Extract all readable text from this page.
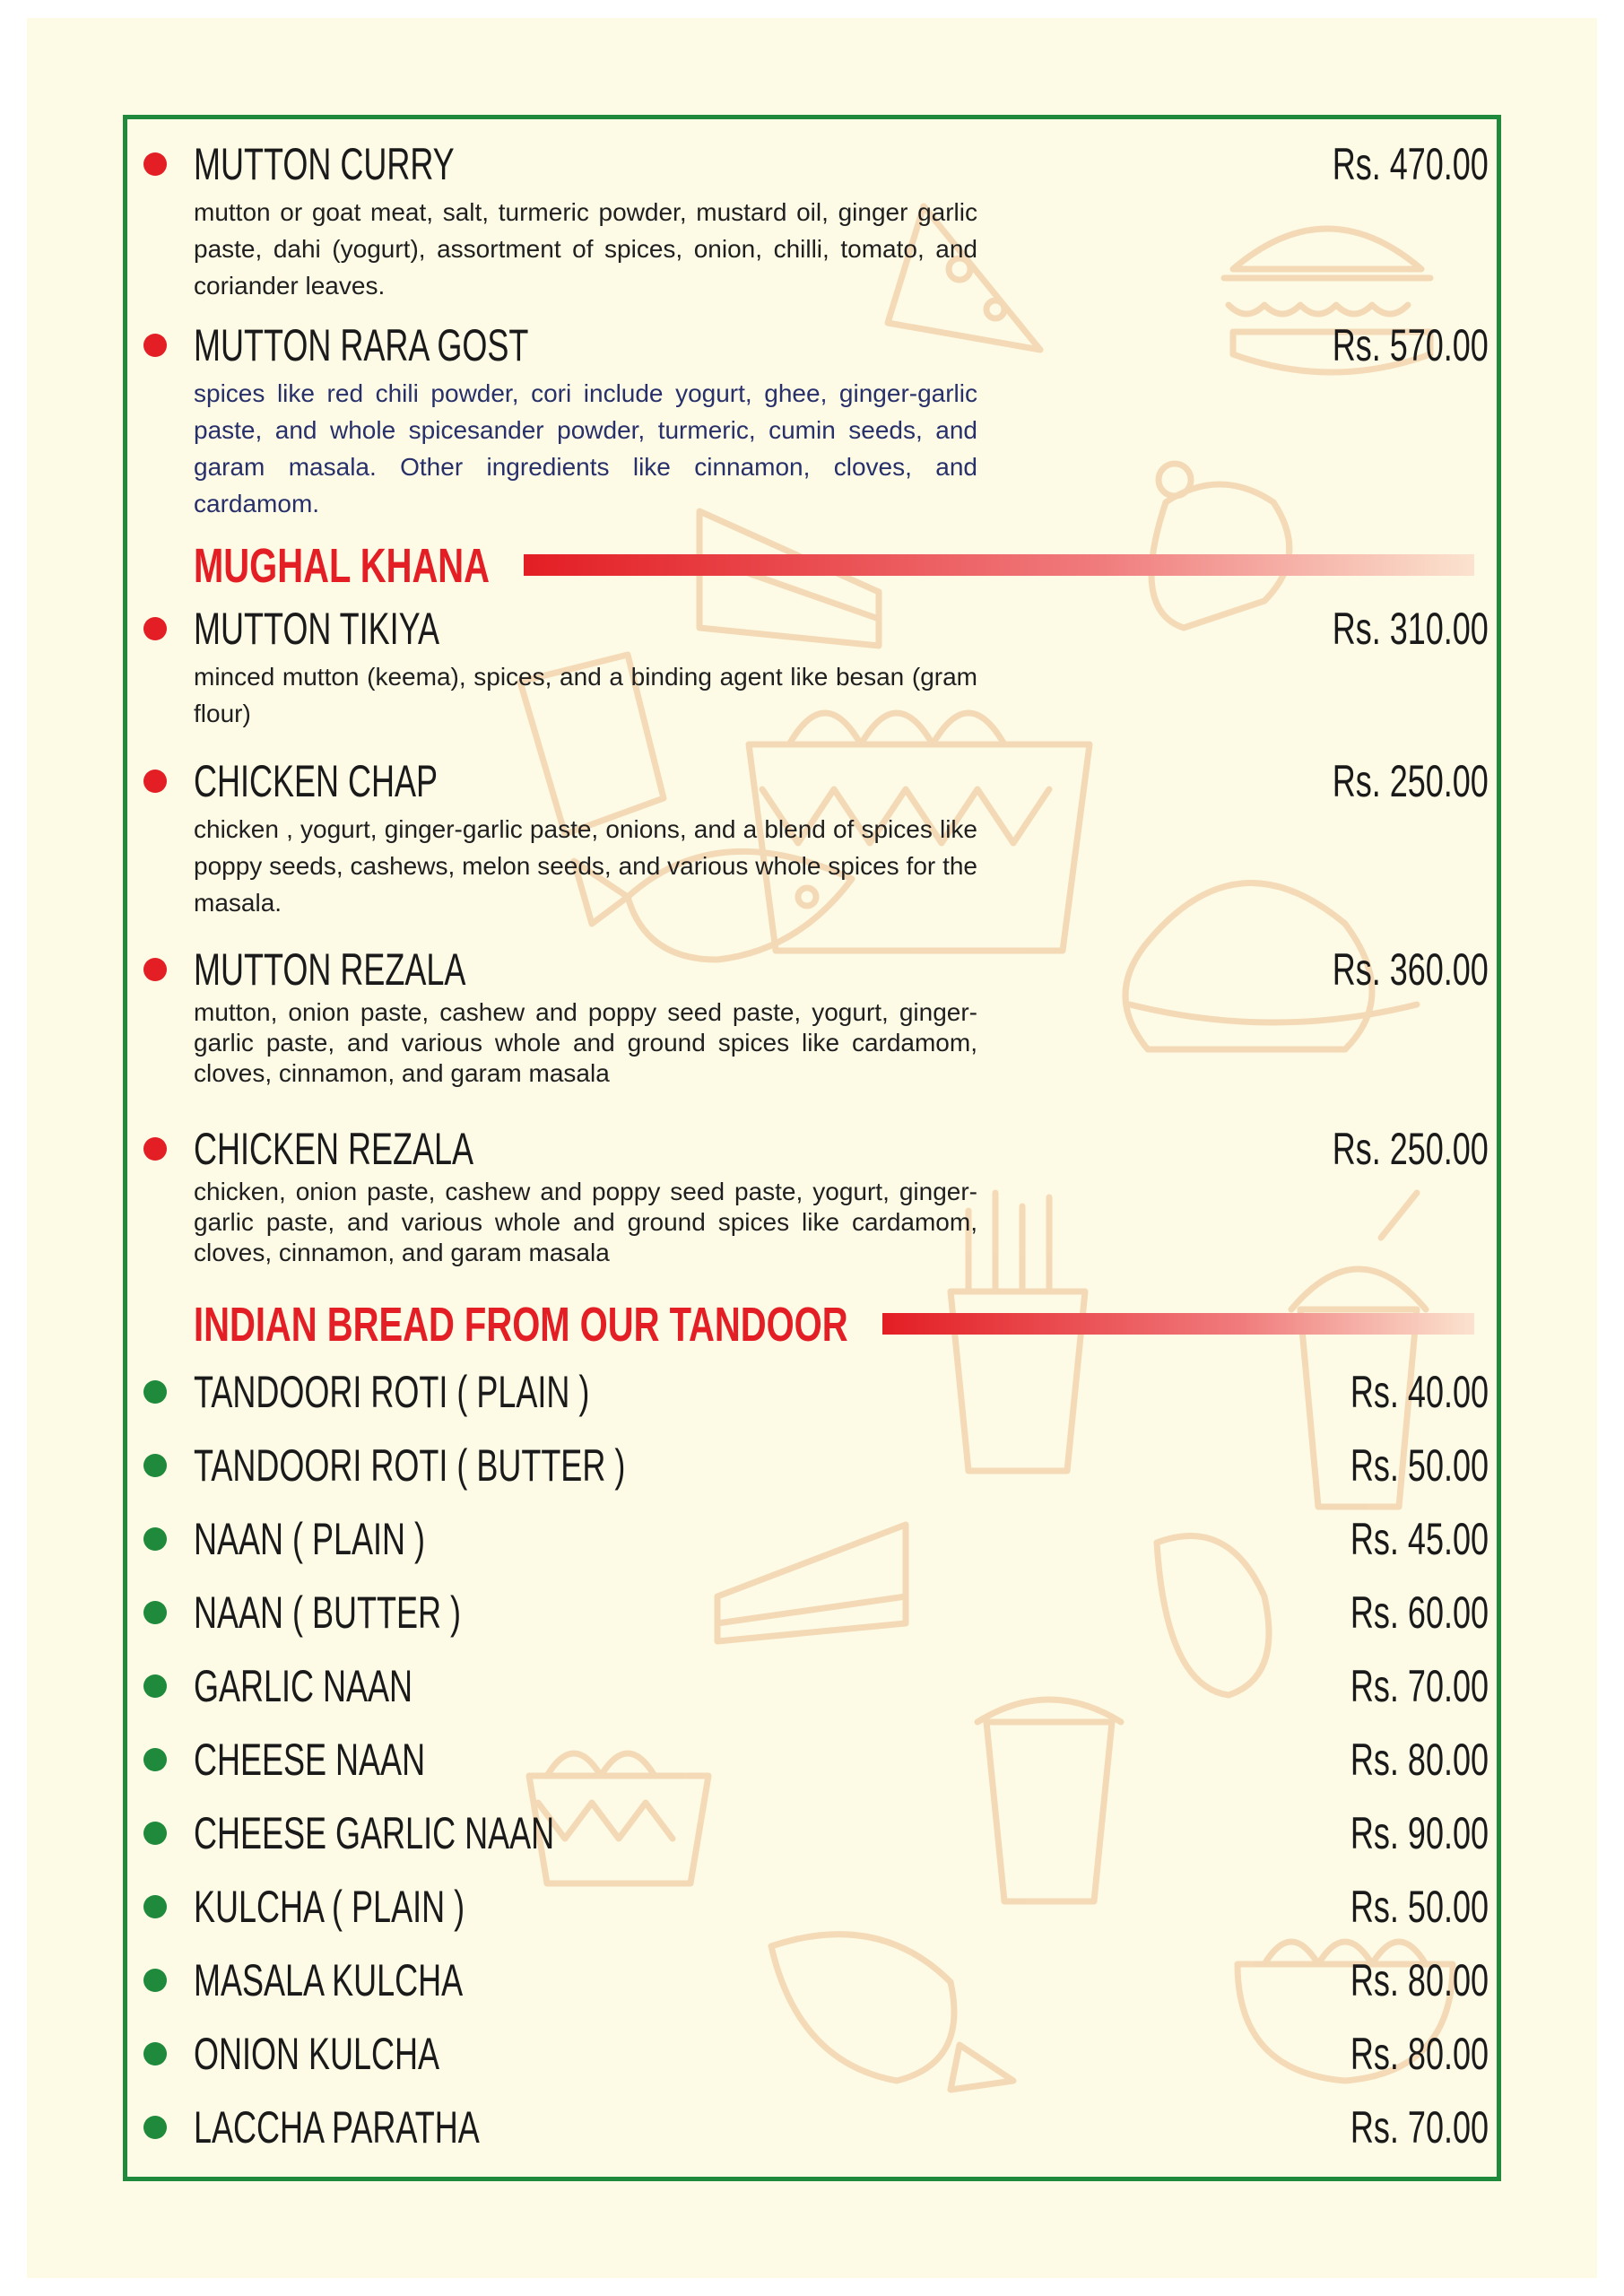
MUTTON CURRY	Rs. 470.00
mutton or goat meat, salt, turmeric powder, mustard oil, ginger garlic paste, dahi (yogurt), assortment of spices, onion, chilli, tomato, and coriander leaves.
MUTTON RARA GOST	Rs. 570.00
spices like red chili powder, cori include yogurt, ghee, ginger-garlic paste, and whole spicesander powder, turmeric, cumin seeds, and garam masala. Other ingredients like cinnamon, cloves, and cardamom.
MUGHAL KHANA
MUTTON TIKIYA	Rs. 310.00
minced mutton (keema), spices, and a binding agent like besan (gram flour)
CHICKEN CHAP	Rs. 250.00
chicken , yogurt, ginger-garlic paste, onions, and a blend of spices like poppy seeds, cashews, melon seeds, and various whole spices for the masala.
MUTTON REZALA	Rs. 360.00
mutton, onion paste, cashew and poppy seed paste, yogurt, ginger-garlic paste, and various whole and ground spices like cardamom, cloves, cinnamon, and garam masala
CHICKEN REZALA	Rs. 250.00
chicken, onion paste, cashew and poppy seed paste, yogurt, ginger-garlic paste, and various whole and ground spices like cardamom, cloves, cinnamon, and garam masala
INDIAN BREAD FROM OUR TANDOOR
TANDOORI ROTI ( PLAIN )	Rs. 40.00
TANDOORI ROTI ( BUTTER )	Rs. 50.00
NAAN ( PLAIN )	Rs. 45.00
NAAN ( BUTTER )	Rs. 60.00
GARLIC NAAN	Rs. 70.00
CHEESE NAAN	Rs. 80.00
CHEESE GARLIC NAAN	Rs. 90.00
KULCHA ( PLAIN )	Rs. 50.00
MASALA KULCHA	Rs. 80.00
ONION KULCHA	Rs. 80.00
LACCHA PARATHA	Rs. 70.00
